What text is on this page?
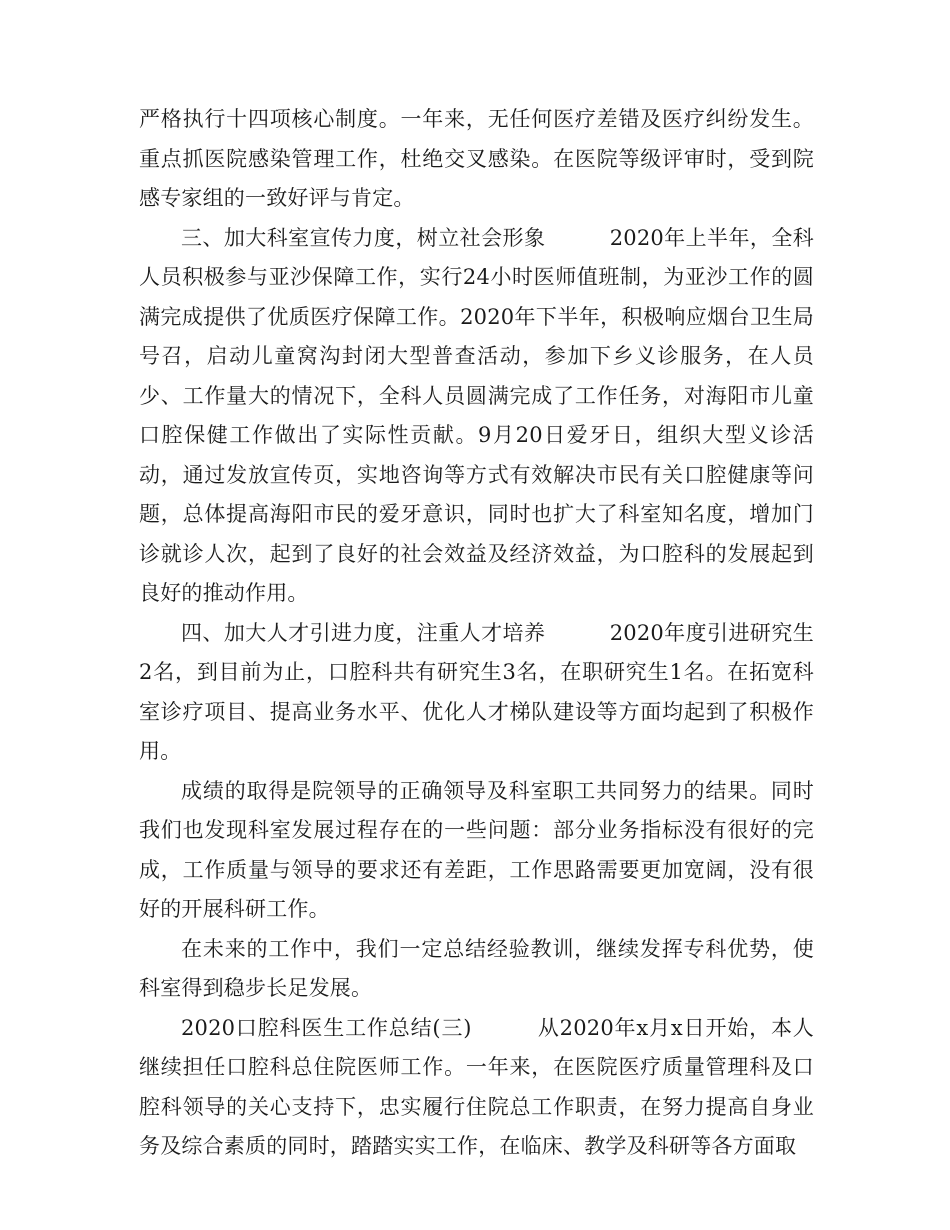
严格执行十四项核心制度。一年来，无任何医疗差错及医疗纠纷发生。重点抓医院感染管理工作，杜绝交叉感染。在医院等级评审时，受到院感专家组的一致好评与肯定。

三、加大科室宣传力度，树立社会形象　　　2020年上半年，全科人员积极参与亚沙保障工作，实行24小时医师值班制，为亚沙工作的圆满完成提供了优质医疗保障工作。2020年下半年，积极响应烟台卫生局号召，启动儿童窝沟封闭大型普查活动，参加下乡义诊服务，在人员少、工作量大的情况下，全科人员圆满完成了工作任务，对海阳市儿童口腔保健工作做出了实际性贡献。9月20日爱牙日，组织大型义诊活动，通过发放宣传页，实地咨询等方式有效解决市民有关口腔健康等问题，总体提高海阳市民的爱牙意识，同时也扩大了科室知名度，增加门诊就诊人次，起到了良好的社会效益及经济效益，为口腔科的发展起到良好的推动作用。

四、加大人才引进力度，注重人才培养　　　2020年度引进研究生2名，到目前为止，口腔科共有研究生3名，在职研究生1名。在拓宽科室诊疗项目、提高业务水平、优化人才梯队建设等方面均起到了积极作用。

成绩的取得是院领导的正确领导及科室职工共同努力的结果。同时我们也发现科室发展过程存在的一些问题：部分业务指标没有很好的完成，工作质量与领导的要求还有差距，工作思路需要更加宽阔，没有很好的开展科研工作。

在未来的工作中，我们一定总结经验教训，继续发挥专科优势，使科室得到稳步长足发展。

2020口腔科医生工作总结(三)　　　从2020年x月x日开始，本人继续担任口腔科总住院医师工作。一年来，在医院医疗质量管理科及口腔科领导的关心支持下，忠实履行住院总工作职责，在努力提高自身业务及综合素质的同时，踏踏实实工作，在临床、教学及科研等各方面取
